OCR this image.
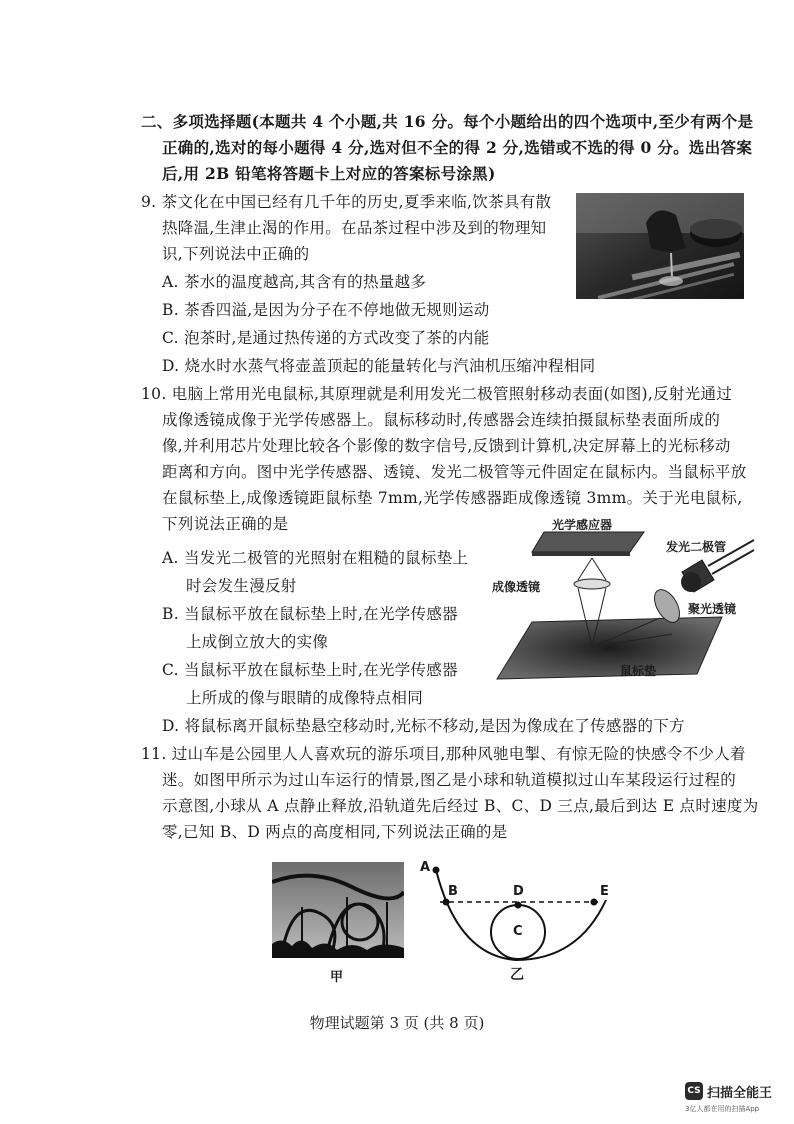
二、多项选择题(本题共 4 个小题,共 16 分。每个小题给出的四个选项中,至少有两个是
正确的,选对的每小题得 4 分,选对但不全的得 2 分,选错或不选的得 0 分。选出答案
后,用 2B 铅笔将答题卡上对应的答案标号涂黑)
9. 茶文化在中国已经有几千年的历史,夏季来临,饮茶具有散
热降温,生津止渴的作用。在品茶过程中涉及到的物理知
识,下列说法中正确的
A. 茶水的温度越高,其含有的热量越多
B. 茶香四溢,是因为分子在不停地做无规则运动
C. 泡茶时,是通过热传递的方式改变了茶的内能
D. 烧水时水蒸气将壶盖顶起的能量转化与汽油机压缩冲程相同
10. 电脑上常用光电鼠标,其原理就是利用发光二极管照射移动表面(如图),反射光通过
成像透镜成像于光学传感器上。鼠标移动时,传感器会连续拍摄鼠标垫表面所成的
像,并利用芯片处理比较各个影像的数字信号,反馈到计算机,决定屏幕上的光标移动
距离和方向。图中光学传感器、透镜、发光二极管等元件固定在鼠标内。当鼠标平放
在鼠标垫上,成像透镜距鼠标垫 7mm,光学传感器距成像透镜 3mm。关于光电鼠标,
下列说法正确的是
A. 当发光二极管的光照射在粗糙的鼠标垫上
时会发生漫反射
B. 当鼠标平放在鼠标垫上时,在光学传感器
上成倒立放大的实像
C. 当鼠标平放在鼠标垫上时,在光学传感器
上所成的像与眼睛的成像特点相同
D. 将鼠标离开鼠标垫悬空移动时,光标不移动,是因为像成在了传感器的下方
光学感应器
发光二极管
成像透镜
聚光透镜
鼠标垫
11. 过山车是公园里人人喜欢玩的游乐项目,那种风驰电掣、有惊无险的快感令不少人着
迷。如图甲所示为过山车运行的情景,图乙是小球和轨道模拟过山车某段运行过程的
示意图,小球从 A 点静止释放,沿轨道先后经过 B、C、D 三点,最后到达 E 点时速度为
零,已知 B、D 两点的高度相同,下列说法正确的是
甲
A
B	D
C
E
乙
物理试题第 3 页 (共 8 页)
CS 扫描全能王
3亿人都在用的扫描App
